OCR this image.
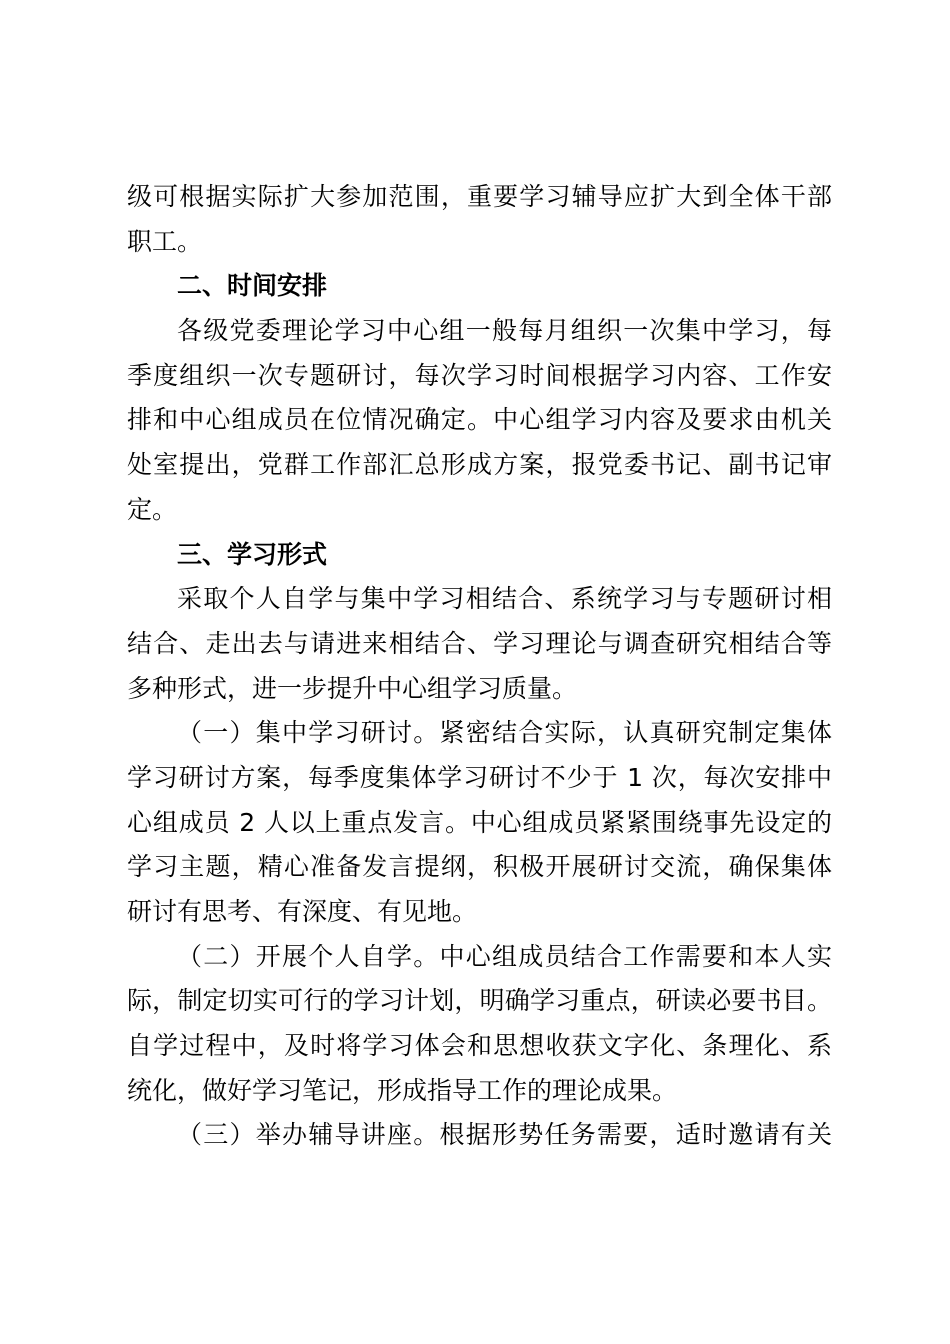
级可根据实际扩大参加范围，重要学习辅导应扩大到全体干部
职工。
二、时间安排
各级党委理论学习中心组一般每月组织一次集中学习，每
季度组织一次专题研讨，每次学习时间根据学习内容、工作安
排和中心组成员在位情况确定。中心组学习内容及要求由机关
处室提出，党群工作部汇总形成方案，报党委书记、副书记审
定。
三、学习形式
采取个人自学与集中学习相结合、系统学习与专题研讨相
结合、走出去与请进来相结合、学习理论与调查研究相结合等
多种形式，进一步提升中心组学习质量。
（一）集中学习研讨。紧密结合实际，认真研究制定集体
学习研讨方案，每季度集体学习研讨不少于 1 次，每次安排中
心组成员 2 人以上重点发言。中心组成员紧紧围绕事先设定的
学习主题，精心准备发言提纲，积极开展研讨交流，确保集体
研讨有思考、有深度、有见地。
（二）开展个人自学。中心组成员结合工作需要和本人实
际，制定切实可行的学习计划，明确学习重点，研读必要书目。
自学过程中，及时将学习体会和思想收获文字化、条理化、系
统化，做好学习笔记，形成指导工作的理论成果。
（三）举办辅导讲座。根据形势任务需要，适时邀请有关
